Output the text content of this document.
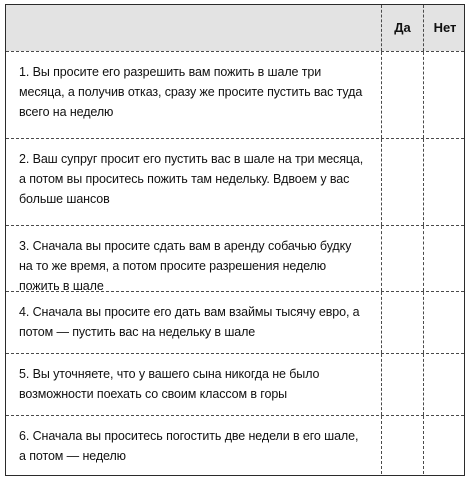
Да	Нет
1. Вы просите его разрешить вам пожить в шале три месяца, а получив отказ, сразу же просите пустить вас туда всего на неделю
2. Ваш супруг просит его пустить вас в шале на три месяца, а потом вы проситесь пожить там недельку. Вдвоем у вас больше шансов
3. Сначала вы просите сдать вам в аренду собачью будку на то же время, а потом просите разрешения неделю пожить в шале
4. Сначала вы просите его дать вам взаймы тысячу евро, а потом — пустить вас на недельку в шале
5. Вы уточняете, что у вашего сына никогда не было возможности поехать со своим классом в горы
6. Сначала вы проситесь погостить две недели в его шале, а потом — неделю
